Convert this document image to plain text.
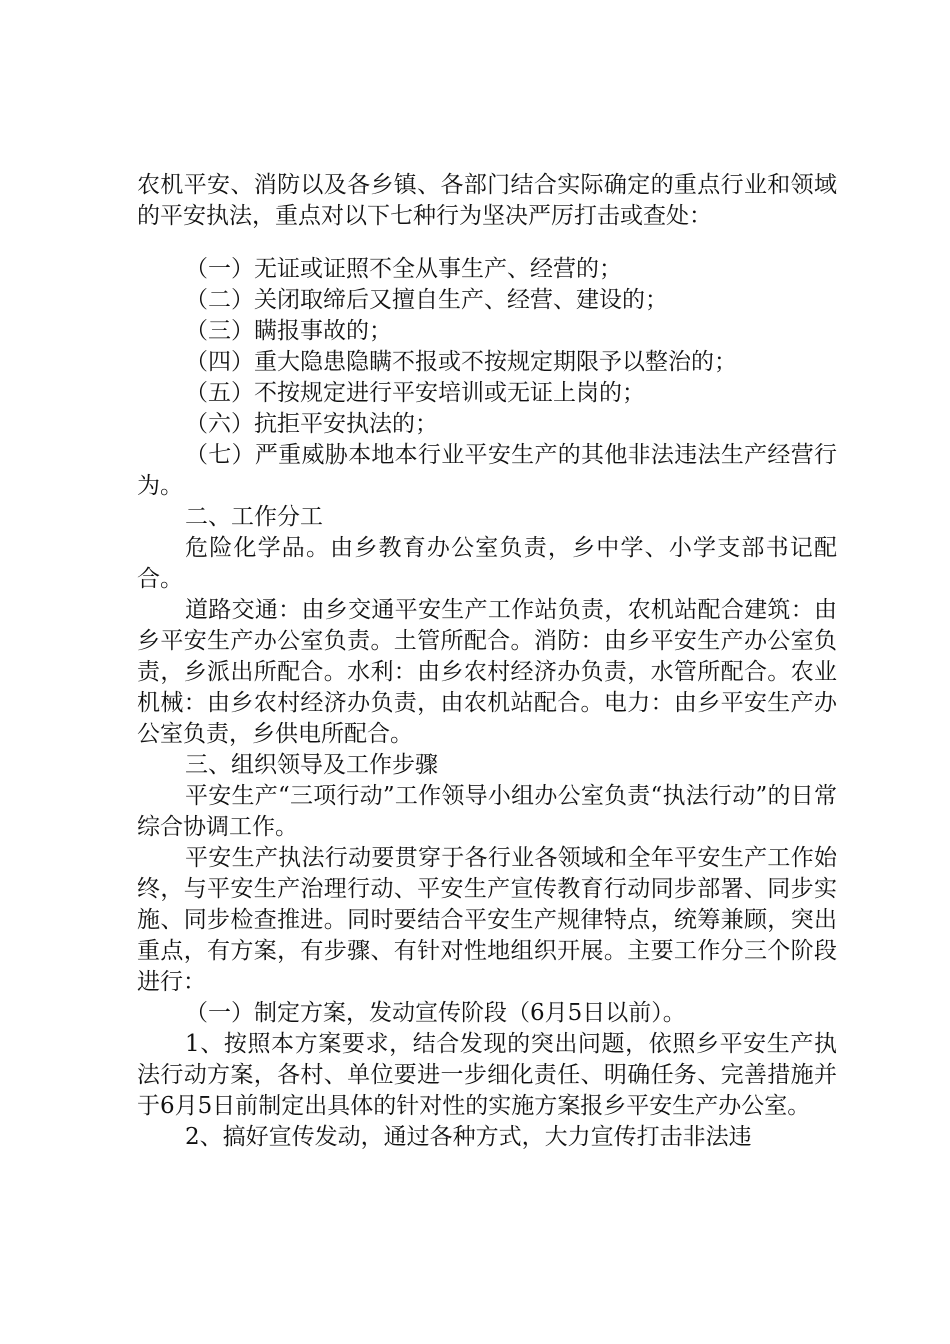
农机平安、消防以及各乡镇、各部门结合实际确定的重点行业和领域的平安执法，重点对以下七种行为坚决严厉打击或查处：

（一）无证或证照不全从事生产、经营的；

（二）关闭取缔后又擅自生产、经营、建设的；

（三）瞒报事故的；

（四）重大隐患隐瞒不报或不按规定期限予以整治的；

（五）不按规定进行平安培训或无证上岗的；

（六）抗拒平安执法的；

（七）严重威胁本地本行业平安生产的其他非法违法生产经营行为。

二、工作分工

危险化学品。由乡教育办公室负责，乡中学、小学支部书记配合。

道路交通：由乡交通平安生产工作站负责，农机站配合建筑：由乡平安生产办公室负责。土管所配合。消防：由乡平安生产办公室负责，乡派出所配合。水利：由乡农村经济办负责，水管所配合。农业机械：由乡农村经济办负责，由农机站配合。电力：由乡平安生产办公室负责，乡供电所配合。

三、组织领导及工作步骤

平安生产“三项行动”工作领导小组办公室负责“执法行动”的日常综合协调工作。

平安生产执法行动要贯穿于各行业各领域和全年平安生产工作始终，与平安生产治理行动、平安生产宣传教育行动同步部署、同步实施、同步检查推进。同时要结合平安生产规律特点，统筹兼顾，突出重点，有方案，有步骤、有针对性地组织开展。主要工作分三个阶段进行：

（一）制定方案，发动宣传阶段（6月5日以前）。

1、按照本方案要求，结合发现的突出问题，依照乡平安生产执法行动方案，各村、单位要进一步细化责任、明确任务、完善措施并于6月5日前制定出具体的针对性的实施方案报乡平安生产办公室。

2、搞好宣传发动，通过各种方式，大力宣传打击非法违
